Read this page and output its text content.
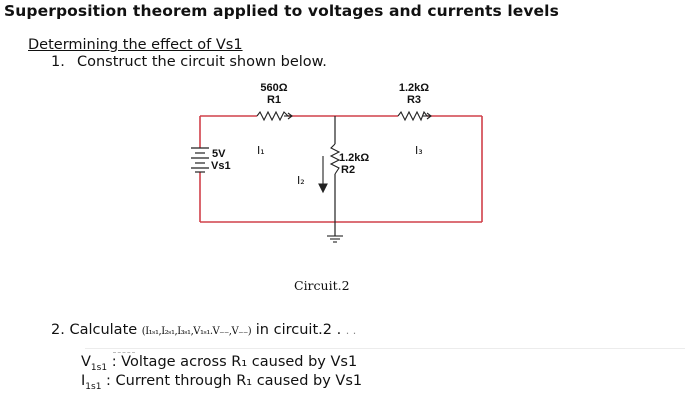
Superposition theorem applied to voltages and currents levels
Determining the effect of Vs1
1. Construct the circuit shown below.
560Ω
R1
1.2kΩ
R3
1.2kΩ
R2
I₁
I₂
I₃
5V
Vs1
Circuit.2
2. Calculate (I₁ₛ₁,I₂ₛ₁,I₃ₛ₁,V₁ₛ₁.V₋₋,V₋₋) in circuit.2 . . .
$V_{1s1}$ : Voltage across R₁ caused by Vs1
$I_{1s1}$ : Current through R₁ caused by Vs1
